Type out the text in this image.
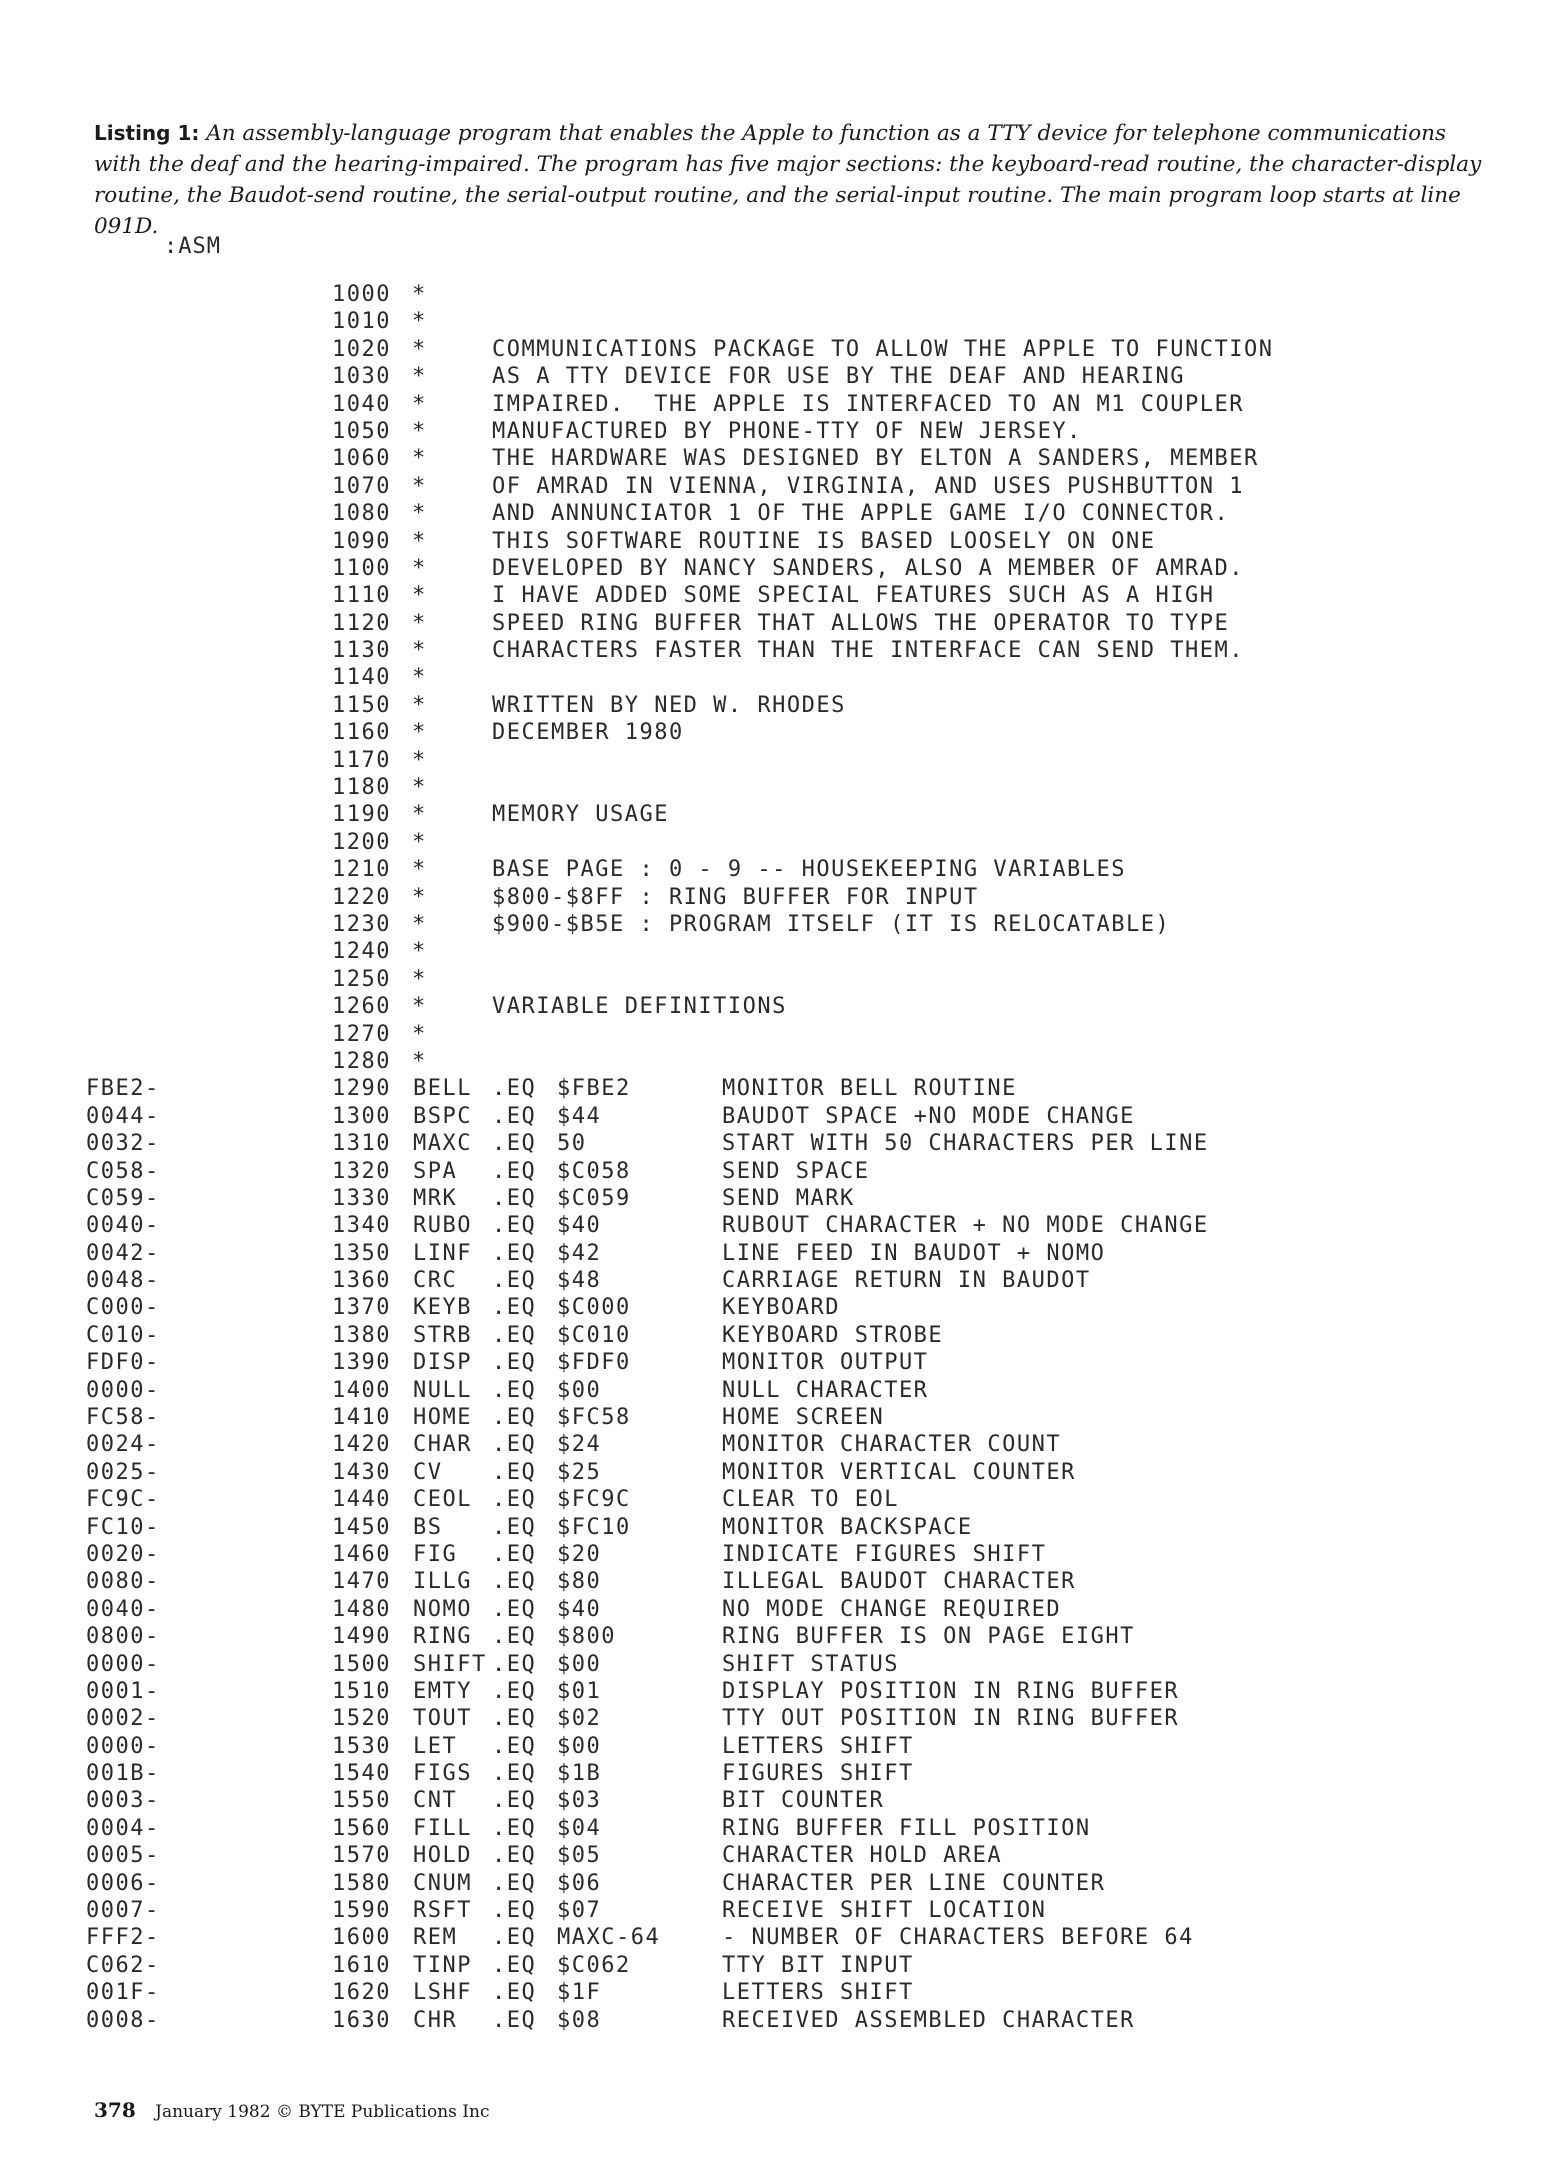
Listing 1: An assembly-language program that enables the Apple to function as a TTY device for telephone communications with the deaf and the hearing-impaired. The program has five major sections: the keyboard-read routine, the character-display routine, the Baudot-send routine, the serial-output routine, and the serial-input routine. The main program loop starts at line 091D.
:ASM
1000 *
1010 *
1020 *	COMMUNICATIONS PACKAGE TO ALLOW THE APPLE TO FUNCTION
1030 *	AS A TTY DEVICE FOR USE BY THE DEAF AND HEARING
1040 *	IMPAIRED.  THE APPLE IS INTERFACED TO AN M1 COUPLER
1050 *	MANUFACTURED BY PHONE-TTY OF NEW JERSEY.
1060 *	THE HARDWARE WAS DESIGNED BY ELTON A SANDERS, MEMBER
1070 *	OF AMRAD IN VIENNA, VIRGINIA, AND USES PUSHBUTTON 1
1080 *	AND ANNUNCIATOR 1 OF THE APPLE GAME I/O CONNECTOR.
1090 *	THIS SOFTWARE ROUTINE IS BASED LOOSELY ON ONE
1100 *	DEVELOPED BY NANCY SANDERS, ALSO A MEMBER OF AMRAD.
1110 *	I HAVE ADDED SOME SPECIAL FEATURES SUCH AS A HIGH
1120 *	SPEED RING BUFFER THAT ALLOWS THE OPERATOR TO TYPE
1130 *	CHARACTERS FASTER THAN THE INTERFACE CAN SEND THEM.
1140 *
1150 *	WRITTEN BY NED W. RHODES
1160 *	DECEMBER 1980
1170 *
1180 *
1190 *	MEMORY USAGE
1200 *
1210 *	BASE PAGE : 0 - 9 -- HOUSEKEEPING VARIABLES
1220 *	$800-$8FF : RING BUFFER FOR INPUT
1230 *	$900-$B5E : PROGRAM ITSELF (IT IS RELOCATABLE)
1240 *
1250 *
1260 *	VARIABLE DEFINITIONS
1270 *
1280 *
FBE2-	1290 BELL .EQ $FBE2	MONITOR BELL ROUTINE
0044-	1300 BSPC .EQ $44	BAUDOT SPACE +NO MODE CHANGE
0032-	1310 MAXC .EQ 50	START WITH 50 CHARACTERS PER LINE
C058-	1320 SPA .EQ $C058	SEND SPACE
C059-	1330 MRK .EQ $C059	SEND MARK
0040-	1340 RUBO .EQ $40	RUBOUT CHARACTER + NO MODE CHANGE
0042-	1350 LINF .EQ $42	LINE FEED IN BAUDOT + NOMO
0048-	1360 CRC .EQ $48	CARRIAGE RETURN IN BAUDOT
C000-	1370 KEYB .EQ $C000	KEYBOARD
C010-	1380 STRB .EQ $C010	KEYBOARD STROBE
FDF0-	1390 DISP .EQ $FDF0	MONITOR OUTPUT
0000-	1400 NULL .EQ $00	NULL CHARACTER
FC58-	1410 HOME .EQ $FC58	HOME SCREEN
0024-	1420 CHAR .EQ $24	MONITOR CHARACTER COUNT
0025-	1430 CV .EQ $25	MONITOR VERTICAL COUNTER
FC9C-	1440 CEOL .EQ $FC9C	CLEAR TO EOL
FC10-	1450 BS .EQ $FC10	MONITOR BACKSPACE
0020-	1460 FIG .EQ $20	INDICATE FIGURES SHIFT
0080-	1470 ILLG .EQ $80	ILLEGAL BAUDOT CHARACTER
0040-	1480 NOMO .EQ $40	NO MODE CHANGE REQUIRED
0800-	1490 RING .EQ $800	RING BUFFER IS ON PAGE EIGHT
0000-	1500 SHIFT .EQ $00	SHIFT STATUS
0001-	1510 EMTY .EQ $01	DISPLAY POSITION IN RING BUFFER
0002-	1520 TOUT .EQ $02	TTY OUT POSITION IN RING BUFFER
0000-	1530 LET .EQ $00	LETTERS SHIFT
001B-	1540 FIGS .EQ $1B	FIGURES SHIFT
0003-	1550 CNT .EQ $03	BIT COUNTER
0004-	1560 FILL .EQ $04	RING BUFFER FILL POSITION
0005-	1570 HOLD .EQ $05	CHARACTER HOLD AREA
0006-	1580 CNUM .EQ $06	CHARACTER PER LINE COUNTER
0007-	1590 RSFT .EQ $07	RECEIVE SHIFT LOCATION
FFF2-	1600 REM .EQ MAXC-64	- NUMBER OF CHARACTERS BEFORE 64
C062-	1610 TINP .EQ $C062	TTY BIT INPUT
001F-	1620 LSHF .EQ $1F	LETTERS SHIFT
0008-	1630 CHR .EQ $08	RECEIVED ASSEMBLED CHARACTER
378 January 1982 © BYTE Publications Inc
